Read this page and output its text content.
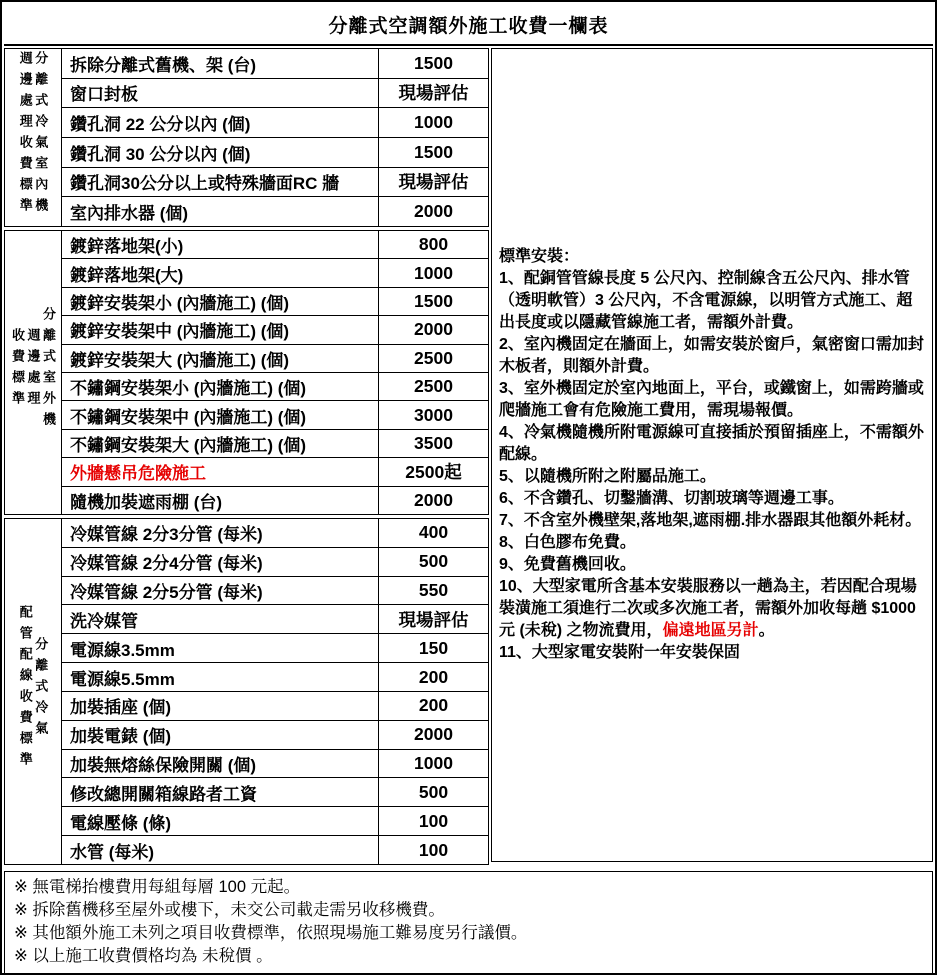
分離式空調額外施工收費一欄表
分離式冷氣室內機
週邊處理收費標準	拆除分離式舊機、架 (台)	1500
	窗口封板	現場評估
	鑽孔洞 22 公分以內 (個)	1000
	鑽孔洞 30 公分以內 (個)	1500
	鑽孔洞30公分以上或特殊牆面RC 牆	現場評估
	室內排水器 (個)	2000
分離式室外機
週邊處理
收費標準	鍍鋅落地架(小)	800
	鍍鋅落地架(大)	1000
	鍍鋅安裝架小 (內牆施工) (個)	1500
	鍍鋅安裝架中 (內牆施工) (個)	2000
	鍍鋅安裝架大 (內牆施工) (個)	2500
	不鏽鋼安裝架小 (內牆施工) (個)	2500
	不鏽鋼安裝架中 (內牆施工) (個)	3000
	不鏽鋼安裝架大 (內牆施工) (個)	3500
	外牆懸吊危險施工	2500起
	隨機加裝遮雨棚 (台)	2000
分離式冷氣
配管配線收費標準	冷媒管線 2分3分管 (每米)	400
	冷媒管線 2分4分管 (每米)	500
	冷媒管線 2分5分管 (每米)	550
	洗冷媒管	現場評估
	電源線3.5mm	150
	電源線5.5mm	200
	加裝插座 (個)	200
	加裝電錶 (個)	2000
	加裝無熔絲保險開關 (個)	1000
	修改總開關箱線路者工資	500
	電線壓條 (條)	100
	水管 (每米)	100
標準安裝：
1、配銅管管線長度 5 公尺內、控制線含五公尺內、排水管（透明軟管）3 公尺內，不含電源線，以明管方式施工、超出長度或以隱藏管線施工者，需額外計費。
2、室內機固定在牆面上，如需安裝於窗戶，氣密窗口需加封木板者，則額外計費。
3、室外機固定於室內地面上，平台，或鐵窗上，如需跨牆或爬牆施工會有危險施工費用，需現場報價。
4、冷氣機隨機所附電源線可直接插於預留插座上，不需額外配線。
5、以隨機所附之附屬品施工。
6、不含鑽孔、切鑿牆溝、切割玻璃等週邊工事。
7、不含室外機壁架,落地架,遮雨棚.排水器跟其他額外耗材。
8、白色膠布免費。
9、免費舊機回收。
10、大型家電所含基本安裝服務以一趟為主，若因配合現場裝潢施工須進行二次或多次施工者，需額外加收每趟 $1000元 (未稅) 之物流費用，偏遠地區另計。
11、大型家電安裝附一年安裝保固
※ 無電梯抬樓費用每組每層 100 元起。
※ 拆除舊機移至屋外或樓下，未交公司載走需另收移機費。
※ 其他額外施工未列之項目收費標準，依照現場施工難易度另行議價。
※ 以上施工收費價格均為 未稅價 。
